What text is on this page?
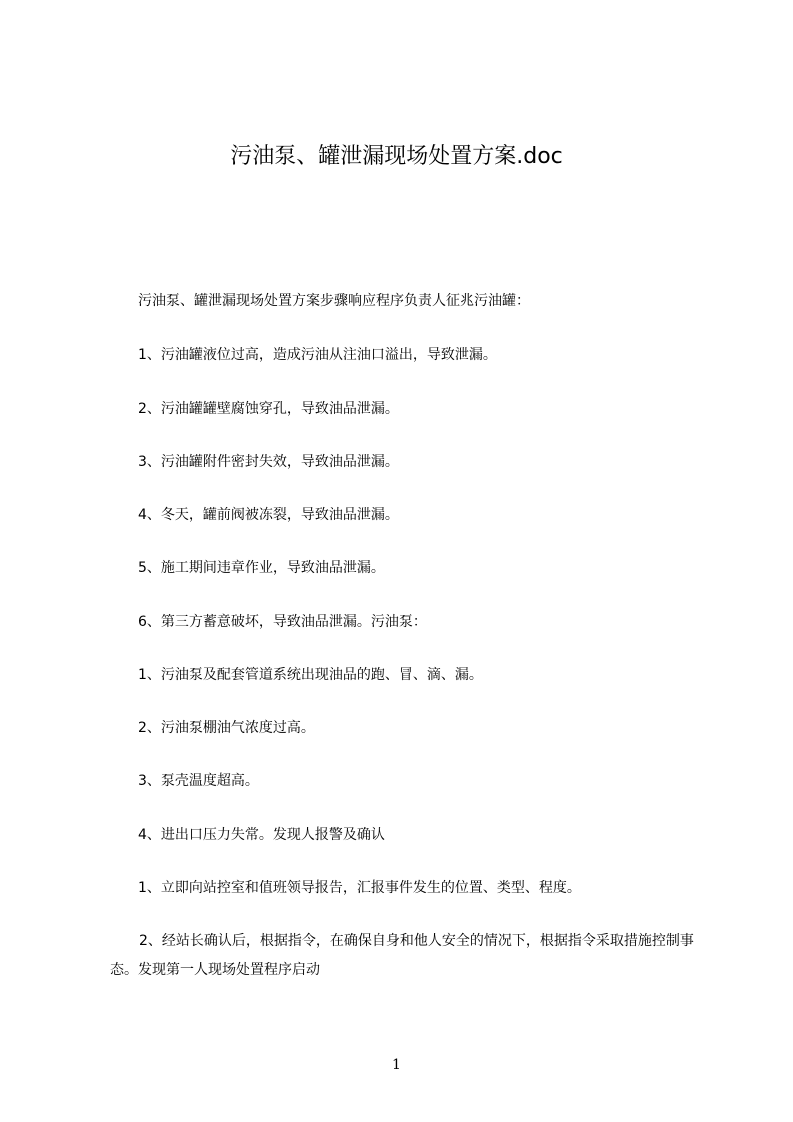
污油泵、罐泄漏现场处置方案.doc
污油泵、罐泄漏现场处置方案步骤响应程序负责人征兆污油罐：
1、污油罐液位过高，造成污油从注油口溢出，导致泄漏。
2、污油罐罐壁腐蚀穿孔，导致油品泄漏。
3、污油罐附件密封失效，导致油品泄漏。
4、冬天，罐前阀被冻裂，导致油品泄漏。
5、施工期间违章作业，导致油品泄漏。
6、第三方蓄意破坏，导致油品泄漏。污油泵：
1、污油泵及配套管道系统出现油品的跑、冒、滴、漏。
2、污油泵棚油气浓度过高。
3、泵壳温度超高。
4、进出口压力失常。发现人报警及确认
1、立即向站控室和值班领导报告，汇报事件发生的位置、类型、程度。
2、经站长确认后，根据指令，在确保自身和他人安全的情况下，根据指令采取措施控制事态。发现第一人现场处置程序启动
1
